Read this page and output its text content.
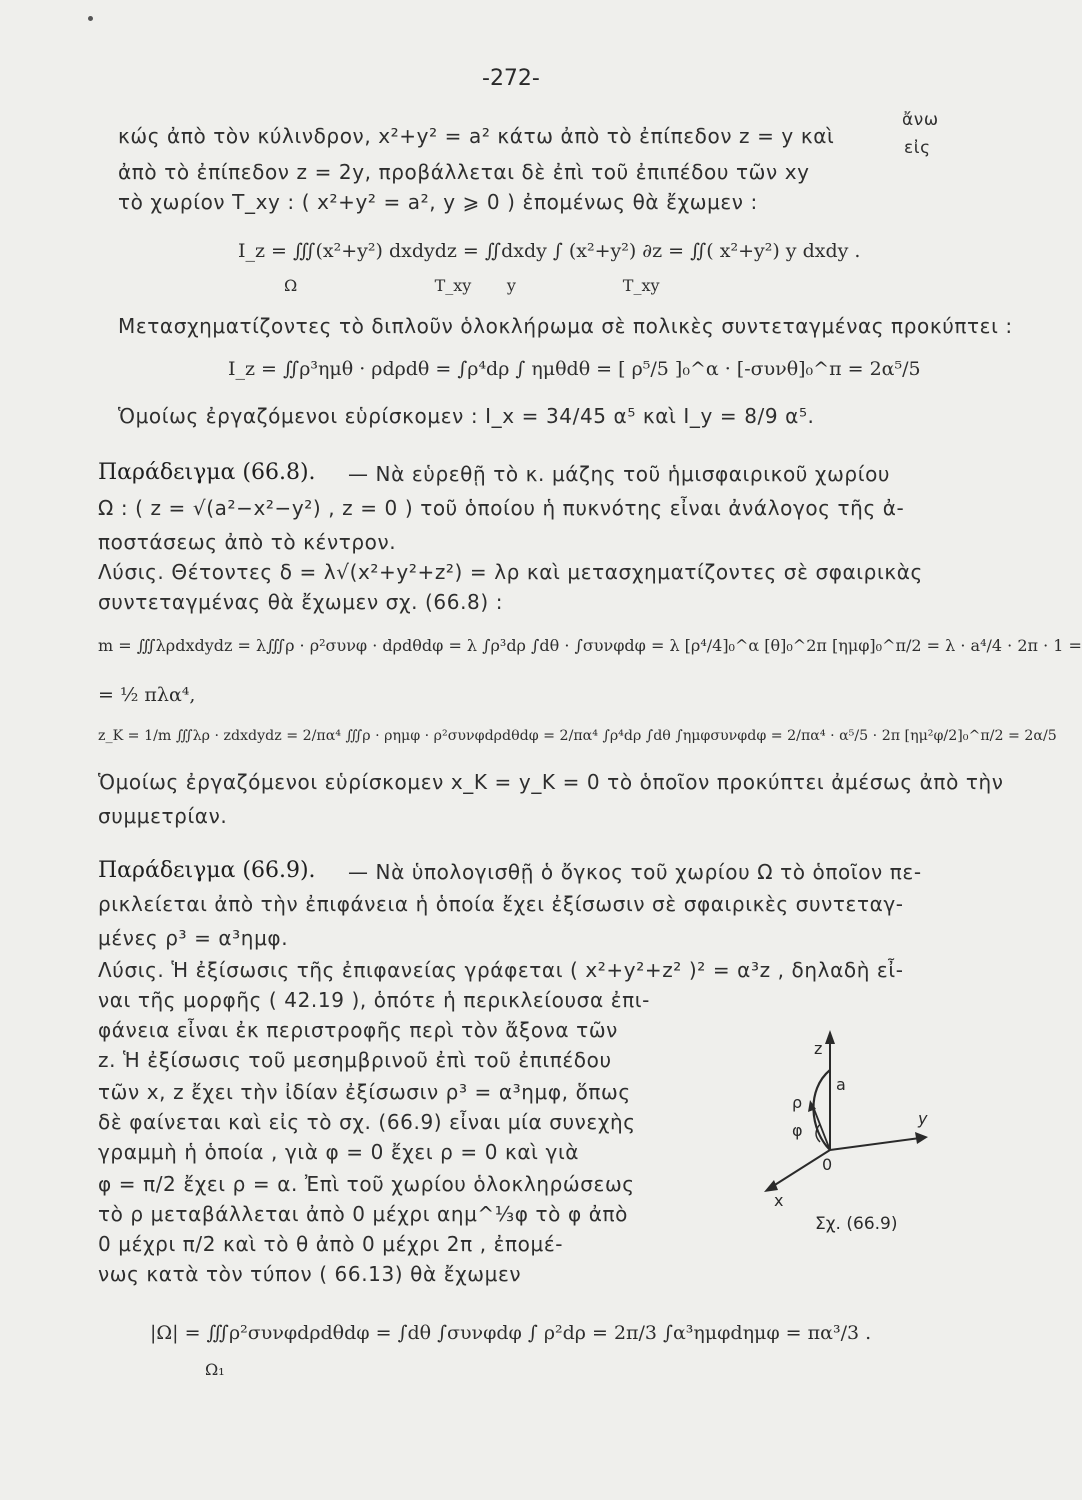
-272-
κώς ἀπὸ τὸν κύλινδρον, x²+y² = a² κάτω ἀπὸ τὸ ἐπίπεδον z = y καὶ
ἄνω
ἀπὸ τὸ ἐπίπεδον z = 2y, προβάλλεται δὲ ἐπὶ τοῦ ἐπιπέδου τῶν xy
εἰς
τὸ χωρίον T_xy : ( x²+y² = a², y ⩾ 0 ) ἐπομένως θὰ ἔχωμεν :
I_z = ∭(x²+y²) dxdydz = ∬dxdy ∫ (x²+y²) ∂z = ∬( x²+y²) y dxdy .
Ω                           T_xy       y                     T_xy
Μετασχηματίζοντες τὸ διπλοῦν ὁλοκλήρωμα σὲ πολικὲς συντεταγμένας προκύπτει :
I_z = ∬ρ³ημθ · ρdρdθ = ∫ρ⁴dρ ∫ ημθdθ = [ ρ⁵/5 ]₀^α · [-συνθ]₀^π = 2α⁵/5
Ὁμοίως ἐργαζόμενοι εὑρίσκομεν : I_x = 34/45 α⁵ καὶ I_y = 8/9 α⁵.
Παράδειγμα (66.8). — Νὰ εὑρεθῇ τὸ κ. μάζης τοῦ ἡμισφαιρικοῦ χωρίου
Ω : ( z = √(a²−x²−y²) , z = 0 ) τοῦ ὁποίου ἡ πυκνότης εἶναι ἀνάλογος τῆς ἀ-
ποστάσεως ἀπὸ τὸ κέντρον.
Λύσις. Θέτοντες δ = λ√(x²+y²+z²) = λρ καὶ μετασχηματίζοντες σὲ σφαιρικὰς
συντεταγμένας θὰ ἔχωμεν σχ. (66.8) :
m = ∭λρdxdydz = λ∭ρ · ρ²συνφ · dρdθdφ = λ ∫ρ³dρ ∫dθ · ∫συνφdφ = λ [ρ⁴/4]₀^α [θ]₀^2π [ημφ]₀^π/2 = λ · a⁴/4 · 2π · 1 =
= ½ πλα⁴,
z_K = 1/m ∭λρ · zdxdydz = 2/πα⁴ ∭ρ · ρημφ · ρ²συνφdρdθdφ = 2/πα⁴ ∫ρ⁴dρ ∫dθ ∫ημφσυνφdφ = 2/πα⁴ · α⁵/5 · 2π [ημ²φ/2]₀^π/2 = 2α/5
Ὁμοίως ἐργαζόμενοι εὑρίσκομεν x_K = y_K = 0 τὸ ὁποῖον προκύπτει ἀμέσως ἀπὸ τὴν
συμμετρίαν.
Παράδειγμα (66.9). — Νὰ ὑπολογισθῇ ὁ ὄγκος τοῦ χωρίου Ω τὸ ὁποῖον πε-
ρικλείεται ἀπὸ τὴν ἐπιφάνεια ἡ ὁποία ἔχει ἐξίσωσιν σὲ σφαιρικὲς συντεταγ-
μένες ρ³ = α³ημφ.
Λύσις. Ἡ ἐξίσωσις τῆς ἐπιφανείας γράφεται ( x²+y²+z² )² = α³z , δηλαδὴ εἶ-
ναι τῆς μορφῆς ( 42.19 ), ὁπότε ἡ περικλείουσα ἐπι-
φάνεια εἶναι ἐκ περιστροφῆς περὶ τὸν ἄξονα τῶν
z. Ἡ ἐξίσωσις τοῦ μεσημβρινοῦ ἐπὶ τοῦ ἐπιπέδου
τῶν x, z ἔχει τὴν ἰδίαν ἐξίσωσιν ρ³ = α³ημφ, ὅπως
δὲ φαίνεται καὶ εἰς τὸ σχ. (66.9) εἶναι μία συνεχὴς
γραμμὴ ἡ ὁποία , γιὰ φ = 0 ἔχει ρ = 0 καὶ γιὰ
φ = π/2 ἔχει ρ = α. Ἐπὶ τοῦ χωρίου ὁλοκληρώσεως
τὸ ρ μεταβάλλεται ἀπὸ 0 μέχρι αημ^⅓φ τὸ φ ἀπὸ
0 μέχρι π/2 καὶ τὸ θ ἀπὸ 0 μέχρι 2π , ἐπομέ-
νως κατὰ τὸν τύπον ( 66.13) θὰ ἔχωμεν
|Ω| = ∭ρ²συνφdρdθdφ = ∫dθ ∫συνφdφ ∫ ρ²dρ = 2π/3 ∫α³ημφdημφ = πα³/3 .
Ω₁
z
y
x
a
ρ
φ
0
Σχ. (66.9)
